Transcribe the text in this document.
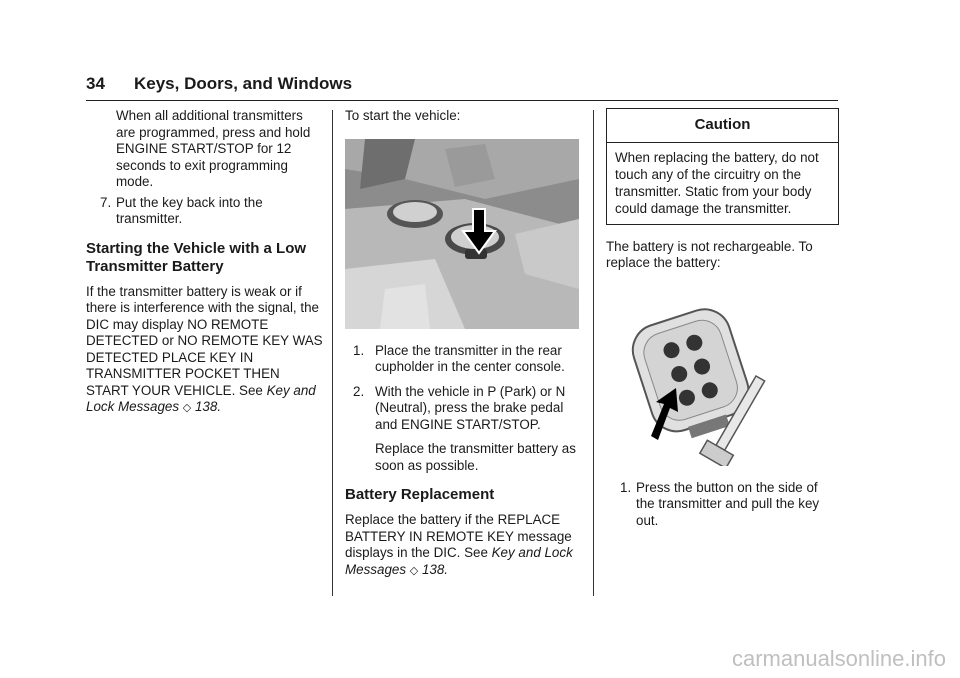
34 Keys, Doors, and Windows

When all additional transmitters are programmed, press and hold ENGINE START/STOP for 12 seconds to exit programming mode.

7. Put the key back into the transmitter.
Starting the Vehicle with a Low Transmitter Battery

If the transmitter battery is weak or if there is interference with the signal, the DIC may display NO REMOTE DETECTED or NO REMOTE KEY WAS DETECTED PLACE KEY IN TRANSMITTER POCKET THEN START YOUR VEHICLE. See Key and Lock Messages ◇ 138.

To start the vehicle:

1. Place the transmitter in the rear cupholder in the center console.
2. With the vehicle in P (Park) or N (Neutral), press the brake pedal and ENGINE START/STOP.

Replace the transmitter battery as soon as possible.

Battery Replacement

Replace the battery if the REPLACE BATTERY IN REMOTE KEY message displays in the DIC. See Key and Lock Messages ◇ 138.

Caution
When replacing the battery, do not touch any of the circuitry on the transmitter. Static from your body could damage the transmitter.

The battery is not rechargeable. To replace the battery:

1. Press the button on the side of the transmitter and pull the key out.
carmanualsonline.info
